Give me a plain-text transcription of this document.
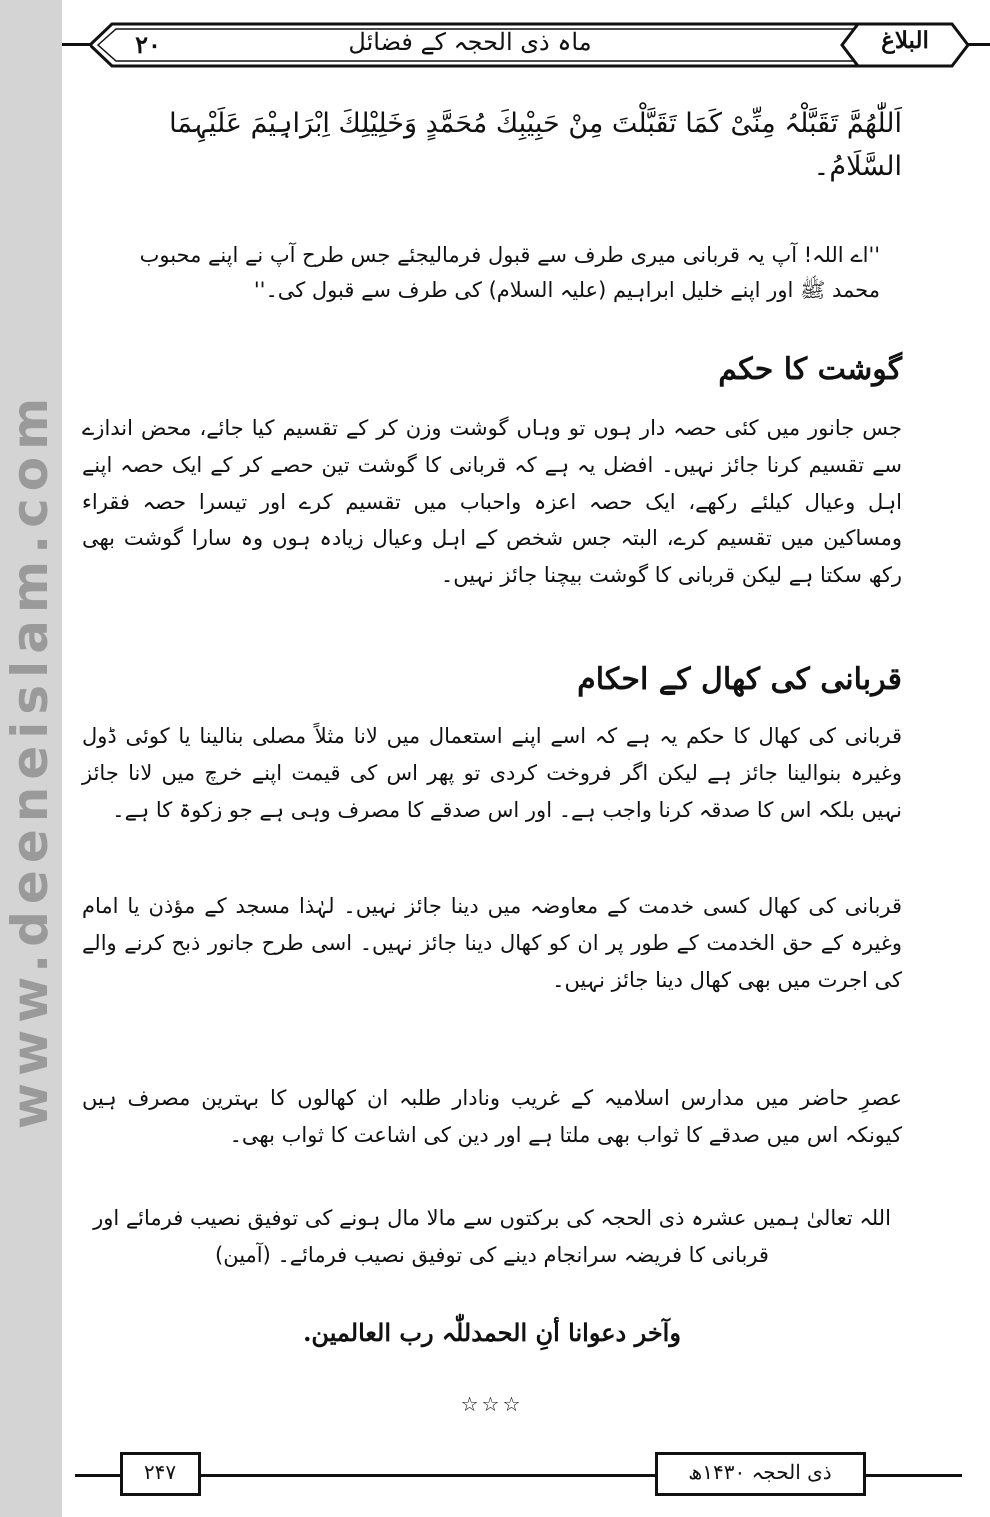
www.deeneislam.com
۲۰	ماہ ذی الحجہ کے فضائل	البلاغ
اَللّٰھُمَّ تَقَبَّلْہُ مِنِّیْ کَمَا تَقَبَّلْتَ مِنْ حَبِیْبِكَ مُحَمَّدٍ وَخَلِیْلِكَ اِبْرَاہِیْمَ عَلَیْہِمَا السَّلَامُ۔
''اے اللہ! آپ یہ قربانی میری طرف سے قبول فرمالیجئے جس طرح آپ نے اپنے محبوب محمد ﷺ اور اپنے خلیل ابراہیم (علیہ السلام) کی طرف سے قبول کی۔''
گوشت کا حکم
جس جانور میں کئی حصہ دار ہوں تو وہاں گوشت وزن کر کے تقسیم کیا جائے، محض اندازے سے تقسیم کرنا جائز نہیں۔ افضل یہ ہے کہ قربانی کا گوشت تین حصے کر کے ایک حصہ اپنے اہل وعیال کیلئے رکھے، ایک حصہ اعزہ واحباب میں تقسیم کرے اور تیسرا حصہ فقراء ومساکین میں تقسیم کرے، البتہ جس شخص کے اہل وعیال زیادہ ہوں وہ سارا گوشت بھی رکھ سکتا ہے لیکن قربانی کا گوشت بیچنا جائز نہیں۔
قربانی کی کھال کے احکام
قربانی کی کھال کا حکم یہ ہے کہ اسے اپنے استعمال میں لانا مثلاً مصلی بنالینا یا کوئی ڈول وغیرہ بنوالینا جائز ہے لیکن اگر فروخت کردی تو پھر اس کی قیمت اپنے خرچ میں لانا جائز نہیں بلکہ اس کا صدقہ کرنا واجب ہے۔ اور اس صدقے کا مصرف وہی ہے جو زکوۃ کا ہے۔
قربانی کی کھال کسی خدمت کے معاوضہ میں دینا جائز نہیں۔ لہٰذا مسجد کے مؤذن یا امام وغیرہ کے حق الخدمت کے طور پر ان کو کھال دینا جائز نہیں۔ اسی طرح جانور ذبح کرنے والے کی اجرت میں بھی کھال دینا جائز نہیں۔
عصرِ حاضر میں مدارس اسلامیہ کے غریب ونادار طلبہ ان کھالوں کا بہترین مصرف ہیں کیونکہ اس میں صدقے کا ثواب بھی ملتا ہے اور دین کی اشاعت کا ثواب بھی۔
اللہ تعالیٰ ہمیں عشرہ ذی الحجہ کی برکتوں سے مالا مال ہونے کی توفیق نصیب فرمائے اور
قربانی کا فریضہ سرانجام دینے کی توفیق نصیب فرمائے۔ (آمین)
وآخر دعوانا أنِ الحمدللّٰہ رب العالمین.
☆☆☆
۲۴۷	ذی الحجہ ۱۴۳۰ھ
